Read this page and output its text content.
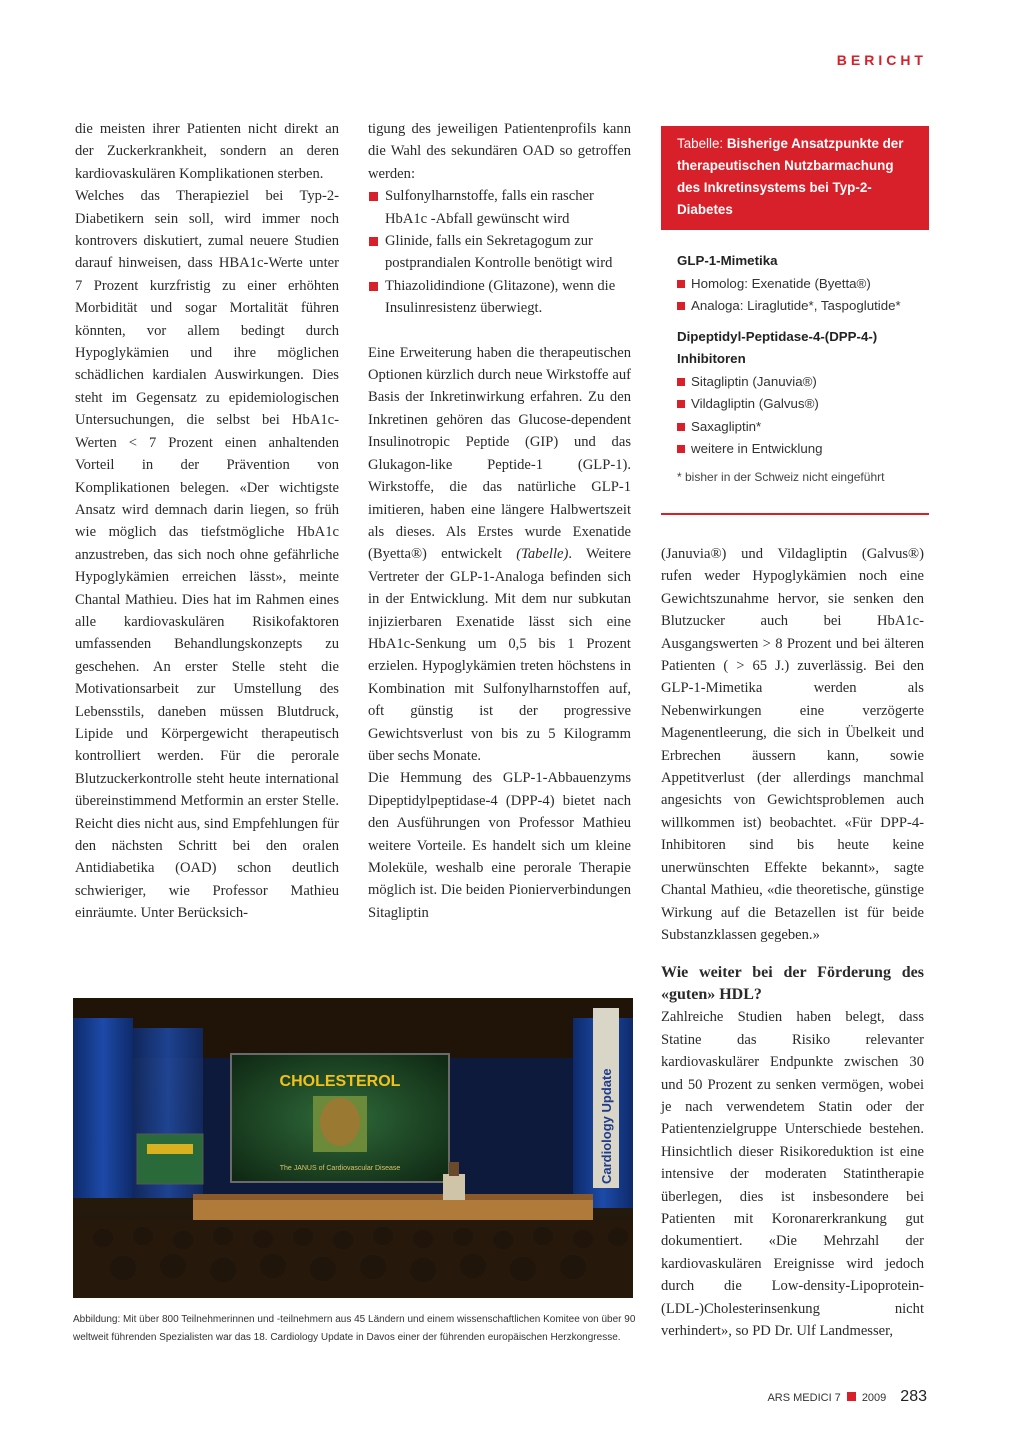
BERICHT

die meisten ihrer Patienten nicht direkt an der Zuckerkrankheit, sondern an deren kardiovaskulären Komplikationen sterben.

Welches das Therapieziel bei Typ-2-Diabetikern sein soll, wird immer noch kontrovers diskutiert, zumal neuere Studien darauf hinweisen, dass HBA1c-Werte unter 7 Prozent kurzfristig zu einer erhöhten Morbidität und sogar Mortalität führen könnten, vor allem bedingt durch Hypoglykämien und ihre möglichen schädlichen kardialen Auswirkungen. Dies steht im Gegensatz zu epidemiologischen Untersuchungen, die selbst bei HbA1c-Werten < 7 Prozent einen anhaltenden Vorteil in der Prävention von Komplikationen belegen. «Der wichtigste Ansatz wird demnach darin liegen, so früh wie möglich das tiefstmögliche HbA1c anzustreben, das sich noch ohne gefährliche Hypoglykämien erreichen lässt», meinte Chantal Mathieu. Dies hat im Rahmen eines alle kardiovaskulären Risikofaktoren umfassenden Behandlungskonzepts zu geschehen. An erster Stelle steht die Motivationsarbeit zur Umstellung des Lebensstils, daneben müssen Blutdruck, Lipide und Körpergewicht therapeutisch kontrolliert werden. Für die perorale Blutzuckerkontrolle steht heute international übereinstimmend Metformin an erster Stelle. Reicht dies nicht aus, sind Empfehlungen für den nächsten Schritt bei den oralen Antidiabetika (OAD) schon deutlich schwieriger, wie Professor Mathieu einräumte. Unter Berücksich-

tigung des jeweiligen Patientenprofils kann die Wahl des sekundären OAD so getroffen werden:

Sulfonylharnstoffe, falls ein rascher HbA1c -Abfall gewünscht wird
Glinide, falls ein Sekretagogum zur postprandialen Kontrolle benötigt wird
Thiazolidindione (Glitazone), wenn die Insulinresistenz überwiegt.

Eine Erweiterung haben die therapeutischen Optionen kürzlich durch neue Wirkstoffe auf Basis der Inkretinwirkung erfahren. Zu den Inkretinen gehören das Glucose-dependent Insulinotropic Peptide (GIP) und das Glukagon-like Peptide-1 (GLP-1). Wirkstoffe, die das natürliche GLP-1 imitieren, haben eine längere Halbwertszeit als dieses. Als Erstes wurde Exenatide (Byetta®) entwickelt (Tabelle). Weitere Vertreter der GLP-1-Analoga befinden sich in der Entwicklung. Mit dem nur subkutan injizierbaren Exenatide lässt sich eine HbA1c-Senkung um 0,5 bis 1 Prozent erzielen. Hypoglykämien treten höchstens in Kombination mit Sulfonylharnstoffen auf, oft günstig ist der progressive Gewichtsverlust von bis zu 5 Kilogramm über sechs Monate.

Die Hemmung des GLP-1-Abbauenzyms Dipeptidylpeptidase-4 (DPP-4) bietet nach den Ausführungen von Professor Mathieu weitere Vorteile. Es handelt sich um kleine Moleküle, weshalb eine perorale Therapie möglich ist. Die beiden Pionierverbindungen Sitagliptin

Tabelle: Bisherige Ansatzpunkte der therapeutischen Nutzbarmachung des Inkretinsystems bei Typ-2-Diabetes
GLP-1-Mimetika
Homolog: Exenatide (Byetta®)
Analoga: Liraglutide*, Taspoglutide*
Dipeptidyl-Peptidase-4-(DPP-4-) Inhibitoren
Sitagliptin (Januvia®)
Vildagliptin (Galvus®)
Saxagliptin*
weitere in Entwicklung
* bisher in der Schweiz nicht eingeführt

(Januvia®) und Vildagliptin (Galvus®) rufen weder Hypoglykämien noch eine Gewichtszunahme hervor, sie senken den Blutzucker auch bei HbA1c-Ausgangswerten > 8 Prozent und bei älteren Patienten ( > 65 J.) zuverlässig. Bei den GLP-1-Mimetika werden als Nebenwirkungen eine verzögerte Magenentleerung, die sich in Übelkeit und Erbrechen äussern kann, sowie Appetitverlust (der allerdings manchmal angesichts von Gewichtsproblemen auch willkommen ist) beobachtet. «Für DPP-4-Inhibitoren sind bis heute keine unerwünschten Effekte bekannt», sagte Chantal Mathieu, «die theoretische, günstige Wirkung auf die Betazellen ist für beide Substanzklassen gegeben.»

Wie weiter bei der Förderung des «guten» HDL?

Zahlreiche Studien haben belegt, dass Statine das Risiko relevanter kardiovaskulärer Endpunkte zwischen 30 und 50 Prozent zu senken vermögen, wobei je nach verwendetem Statin oder der Patientenzielgruppe Unterschiede bestehen. Hinsichtlich dieser Risikoreduktion ist eine intensive der moderaten Statintherapie überlegen, dies ist insbesondere bei Patienten mit Koronarerkrankung gut dokumentiert. «Die Mehrzahl der kardiovaskulären Ereignisse wird jedoch durch die Low-density-Lipoprotein-(LDL-)Cholesterinsenkung nicht verhindert», so PD Dr. Ulf Landmesser,

CHOLESTEROL
The JANUS of Cardiovascular Disease	Cardiology Update
Abbildung: Mit über 800 Teilnehmerinnen und -teilnehmern aus 45 Ländern und einem wissenschaftlichen Komitee von über 90 weltweit führenden Spezialisten war das 18. Cardiology Update in Davos einer der führenden europäischen Herzkongresse.
ARS MEDICI 7 2009 283
